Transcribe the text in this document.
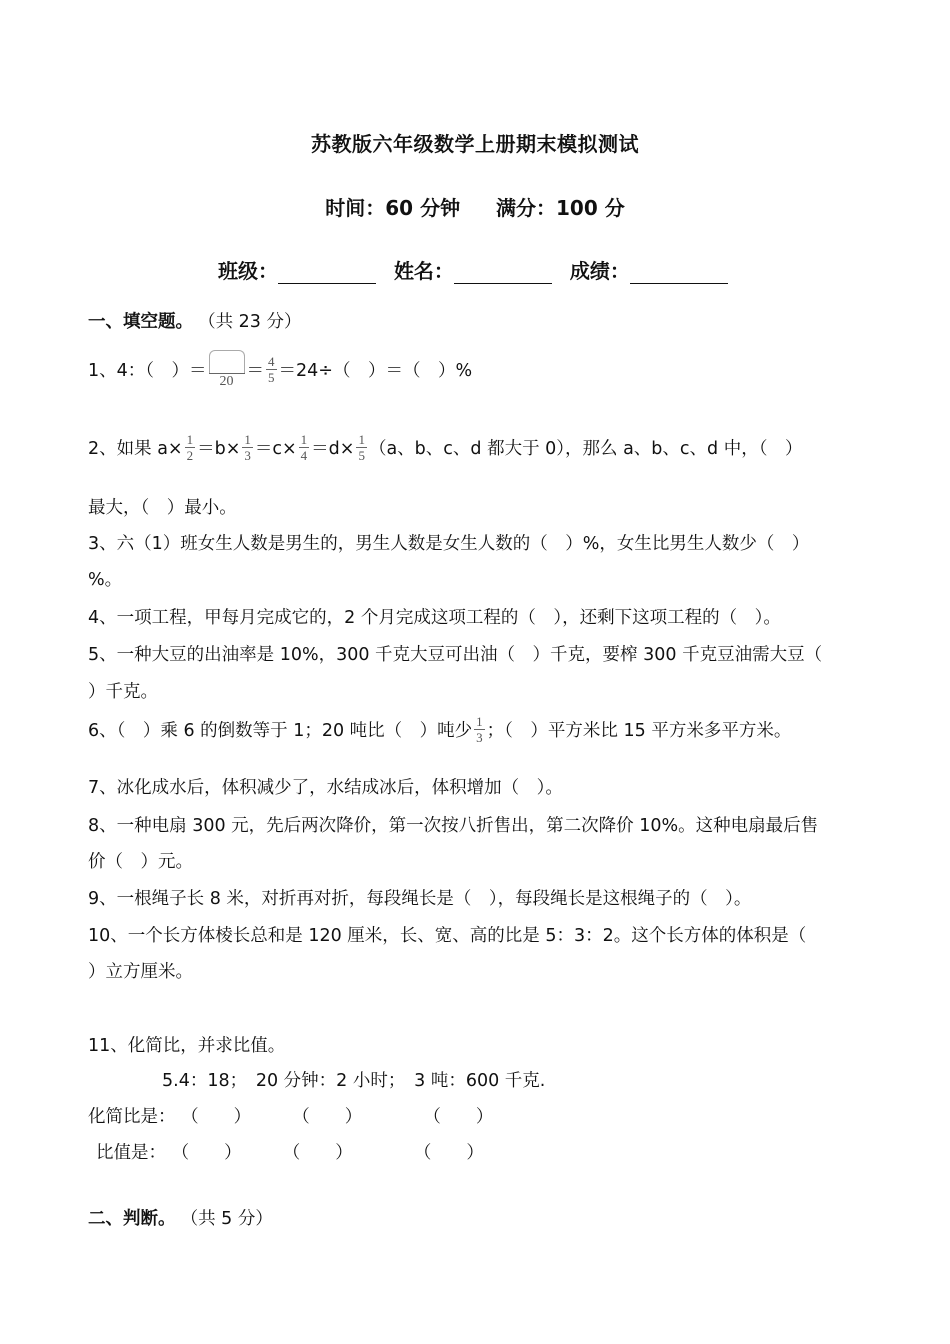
苏教版六年级数学上册期末模拟测试
时间：60 分钟 满分：100 分
班级：	姓名：	成绩：
一、填空题。 （共 23 分）
1、4：（　）＝
20
＝ $\frac{4}{5} =24\div$（　）＝（　）%
2、如果 $a\times \frac{1}{2} =b\times \frac{1}{3} =c\times \frac{1}{4} =d\times \frac{1}{5} (a$、b、c、d 都大于 0），那么 a、b、c、d 中，（　）
最大，（　）最小。
3、六（1）班女生人数是男生的，男生人数是女生人数的（　）%，女生比男生人数少（　）
%。
4、一项工程，甲每月完成它的，2 个月完成这项工程的（　），还剩下这项工程的（　）。
5、一种大豆的出油率是 10%，300 千克大豆可出油（　）千克，要榨 300 千克豆油需大豆（
）千克。
6、（　）乘 6 的倒数等于 1；20 吨比（　）吨少 $\frac{1}{3}$ ；（　）平方米比 15 平方米多平方米。
7、冰化成水后，体积减少了，水结成冰后，体积增加（　）。
8、一种电扇 300 元，先后两次降价，第一次按八折售出，第二次降价 10%。这种电扇最后售
价（　）元。
9、一根绳子长 8 米，对折再对折，每段绳长是（　），每段绳长是这根绳子的（　）。
10、一个长方体棱长总和是 120 厘米，长、宽、高的比是 5：3：2。这个长方体的体积是（
）立方厘米。
11、化简比，并求比值。
5.4：18；　20 分钟：2 小时；　3 吨：600 千克.
化简比是： （　　） （　　）	（　　）
比值是： （　　） （　　）	（　　）
二、判断。 （共 5 分）
